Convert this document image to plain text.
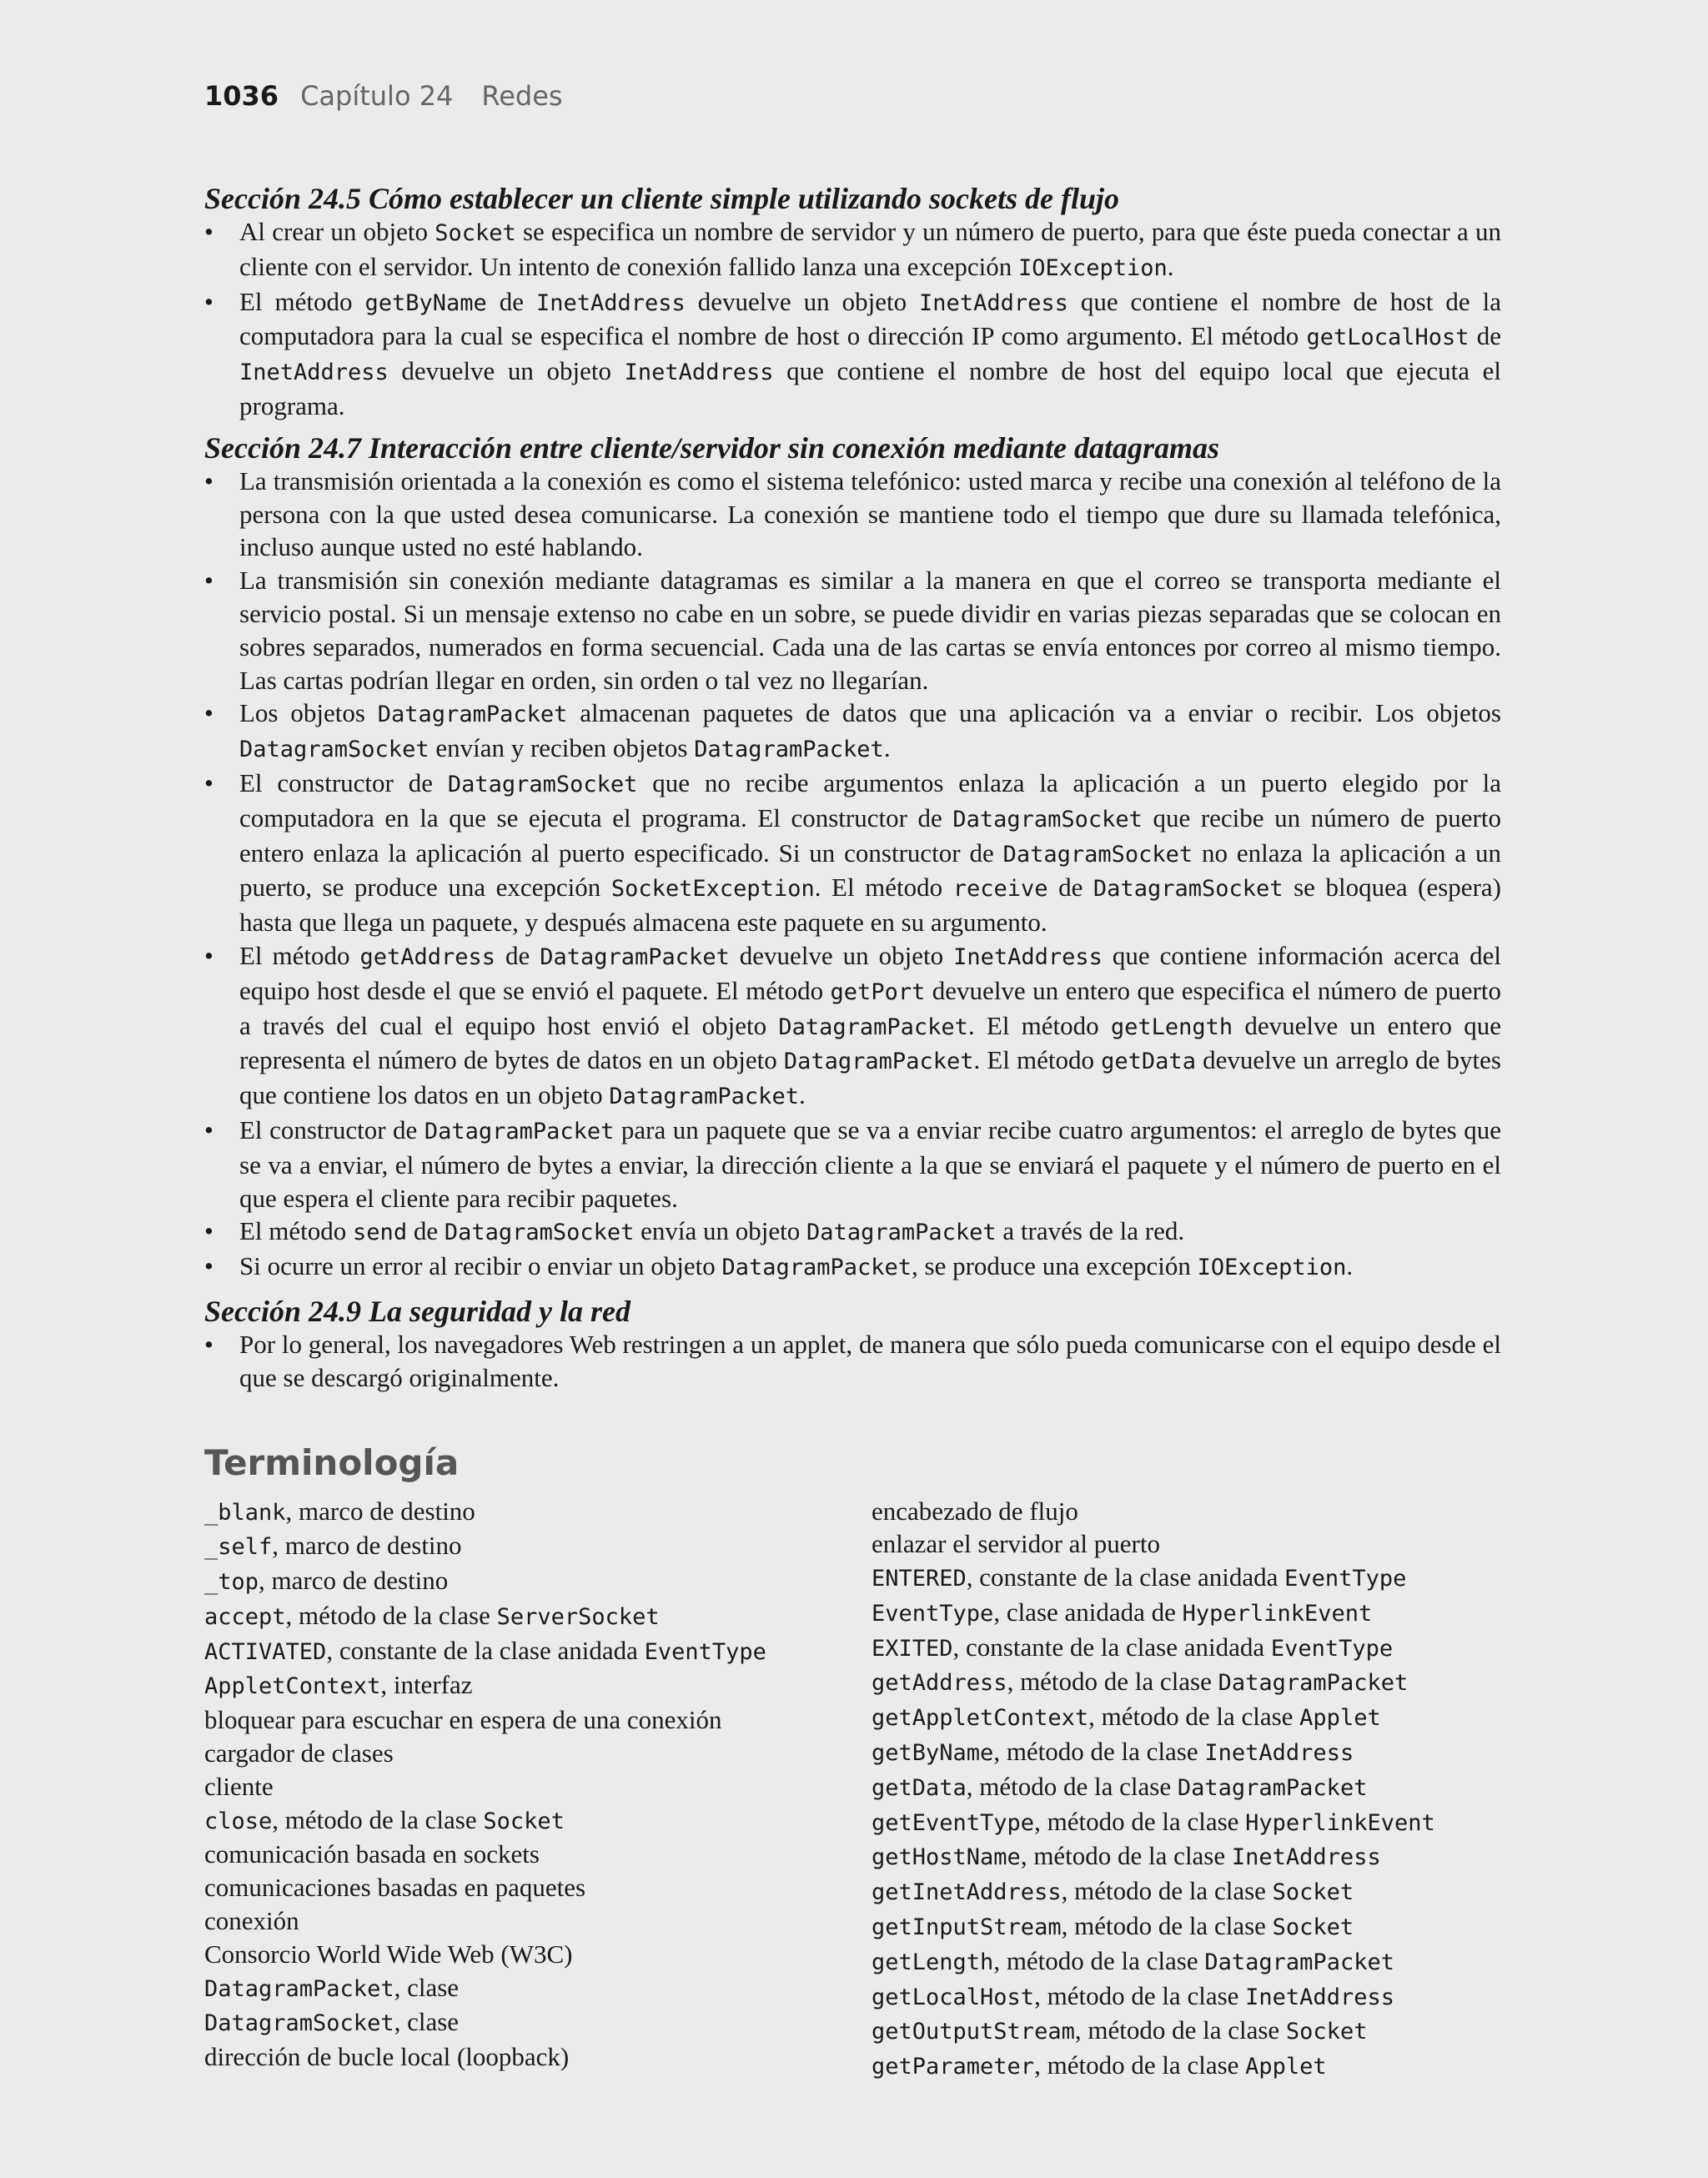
1036 Capítulo 24 Redes
Sección 24.5 Cómo establecer un cliente simple utilizando sockets de flujo
• Al crear un objeto Socket se especifica un nombre de servidor y un número de puerto, para que éste pueda conectar a un cliente con el servidor. Un intento de conexión fallido lanza una excepción IOException.
• El método getByName de InetAddress devuelve un objeto InetAddress que contiene el nombre de host de la computadora para la cual se especifica el nombre de host o dirección IP como argumento. El método getLocalHost de InetAddress devuelve un objeto InetAddress que contiene el nombre de host del equipo local que ejecuta el programa.
Sección 24.7 Interacción entre cliente/servidor sin conexión mediante datagramas
• La transmisión orientada a la conexión es como el sistema telefónico: usted marca y recibe una conexión al teléfono de la persona con la que usted desea comunicarse. La conexión se mantiene todo el tiempo que dure su llamada telefónica, incluso aunque usted no esté hablando.
• La transmisión sin conexión mediante datagramas es similar a la manera en que el correo se transporta mediante el servicio postal. Si un mensaje extenso no cabe en un sobre, se puede dividir en varias piezas separadas que se colocan en sobres separados, numerados en forma secuencial. Cada una de las cartas se envía entonces por correo al mismo tiempo. Las cartas podrían llegar en orden, sin orden o tal vez no llegarían.
• Los objetos DatagramPacket almacenan paquetes de datos que una aplicación va a enviar o recibir. Los objetos DatagramSocket envían y reciben objetos DatagramPacket.
• El constructor de DatagramSocket que no recibe argumentos enlaza la aplicación a un puerto elegido por la computadora en la que se ejecuta el programa. El constructor de DatagramSocket que recibe un número de puerto entero enlaza la aplicación al puerto especificado. Si un constructor de DatagramSocket no enlaza la aplicación a un puerto, se produce una excepción SocketException. El método receive de DatagramSocket se bloquea (espera) hasta que llega un paquete, y después almacena este paquete en su argumento.
• El método getAddress de DatagramPacket devuelve un objeto InetAddress que contiene información acerca del equipo host desde el que se envió el paquete. El método getPort devuelve un entero que especifica el número de puerto a través del cual el equipo host envió el objeto DatagramPacket. El método getLength devuelve un entero que representa el número de bytes de datos en un objeto DatagramPacket. El método getData devuelve un arreglo de bytes que contiene los datos en un objeto DatagramPacket.
• El constructor de DatagramPacket para un paquete que se va a enviar recibe cuatro argumentos: el arreglo de bytes que se va a enviar, el número de bytes a enviar, la dirección cliente a la que se enviará el paquete y el número de puerto en el que espera el cliente para recibir paquetes.
• El método send de DatagramSocket envía un objeto DatagramPacket a través de la red.
• Si ocurre un error al recibir o enviar un objeto DatagramPacket, se produce una excepción IOException.
Sección 24.9 La seguridad y la red
• Por lo general, los navegadores Web restringen a un applet, de manera que sólo pueda comunicarse con el equipo desde el que se descargó originalmente.
Terminología
_blank, marco de destino
_self, marco de destino
_top, marco de destino
accept, método de la clase ServerSocket
ACTIVATED, constante de la clase anidada EventType
AppletContext, interfaz
bloquear para escuchar en espera de una conexión
cargador de clases
cliente
close, método de la clase Socket
comunicación basada en sockets
comunicaciones basadas en paquetes
conexión
Consorcio World Wide Web (W3C)
DatagramPacket, clase
DatagramSocket, clase
dirección de bucle local (loopback)
encabezado de flujo
enlazar el servidor al puerto
ENTERED, constante de la clase anidada EventType
EventType, clase anidada de HyperlinkEvent
EXITED, constante de la clase anidada EventType
getAddress, método de la clase DatagramPacket
getAppletContext, método de la clase Applet
getByName, método de la clase InetAddress
getData, método de la clase DatagramPacket
getEventType, método de la clase HyperlinkEvent
getHostName, método de la clase InetAddress
getInetAddress, método de la clase Socket
getInputStream, método de la clase Socket
getLength, método de la clase DatagramPacket
getLocalHost, método de la clase InetAddress
getOutputStream, método de la clase Socket
getParameter, método de la clase Applet
